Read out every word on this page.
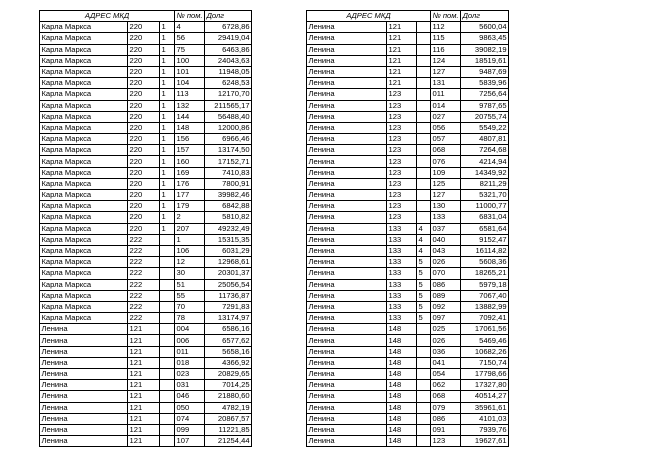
АДРЕС МКД			№ пом.	Долг
Карла Маркса	220	1	4	6728,86
Карла Маркса	220	1	56	29419,04
Карла Маркса	220	1	75	6463,86
Карла Маркса	220	1	100	24043,63
Карла Маркса	220	1	101	11948,05
Карла Маркса	220	1	104	6248,53
Карла Маркса	220	1	113	12170,70
Карла Маркса	220	1	132	211565,17
Карла Маркса	220	1	144	56488,40
Карла Маркса	220	1	148	12000,86
Карла Маркса	220	1	156	6966,46
Карла Маркса	220	1	157	13174,50
Карла Маркса	220	1	160	17152,71
Карла Маркса	220	1	169	7410,83
Карла Маркса	220	1	176	7800,91
Карла Маркса	220	1	177	39982,46
Карла Маркса	220	1	179	6842,88
Карла Маркса	220	1	2	5810,82
Карла Маркса	220	1	207	49232,49
Карла Маркса	222		1	15315,35
Карла Маркса	222		106	6031,29
Карла Маркса	222		12	12968,61
Карла Маркса	222		30	20301,37
Карла Маркса	222		51	25056,54
Карла Маркса	222		55	11736,87
Карла Маркса	222		70	7291,83
Карла Маркса	222		78	13174,97
Ленина	121		004	6586,16
Ленина	121		006	6577,62
Ленина	121		011	5658,16
Ленина	121		018	4366,92
Ленина	121		023	20829,65
Ленина	121		031	7014,25
Ленина	121		046	21880,60
Ленина	121		050	4782,19
Ленина	121		074	20867,57
Ленина	121		099	11221,85
Ленина	121		107	21254,44
АДРЕС МКД			№ пом.	Долг
Ленина	121		112	5600,04
Ленина	121		115	9863,45
Ленина	121		116	39082,19
Ленина	121		124	18519,61
Ленина	121		127	9487,69
Ленина	121		131	5839,96
Ленина	123		011	7256,64
Ленина	123		014	9787,65
Ленина	123		027	20755,74
Ленина	123		056	5549,22
Ленина	123		057	4807,81
Ленина	123		068	7264,68
Ленина	123		076	4214,94
Ленина	123		109	14349,92
Ленина	123		125	8211,29
Ленина	123		127	5321,70
Ленина	123		130	11000,77
Ленина	123		133	6831,04
Ленина	133	4	037	6581,64
Ленина	133	4	040	9152,47
Ленина	133	4	043	16114,82
Ленина	133	5	026	5608,36
Ленина	133	5	070	18265,21
Ленина	133	5	086	5979,18
Ленина	133	5	089	7067,40
Ленина	133	5	092	13882,99
Ленина	133	5	097	7092,41
Ленина	148		025	17061,56
Ленина	148		026	5469,46
Ленина	148		036	10682,26
Ленина	148		041	7150,74
Ленина	148		054	17798,66
Ленина	148		062	17327,80
Ленина	148		068	40514,27
Ленина	148		079	35961,61
Ленина	148		086	4101,03
Ленина	148		091	7939,76
Ленина	148		123	19627,61
